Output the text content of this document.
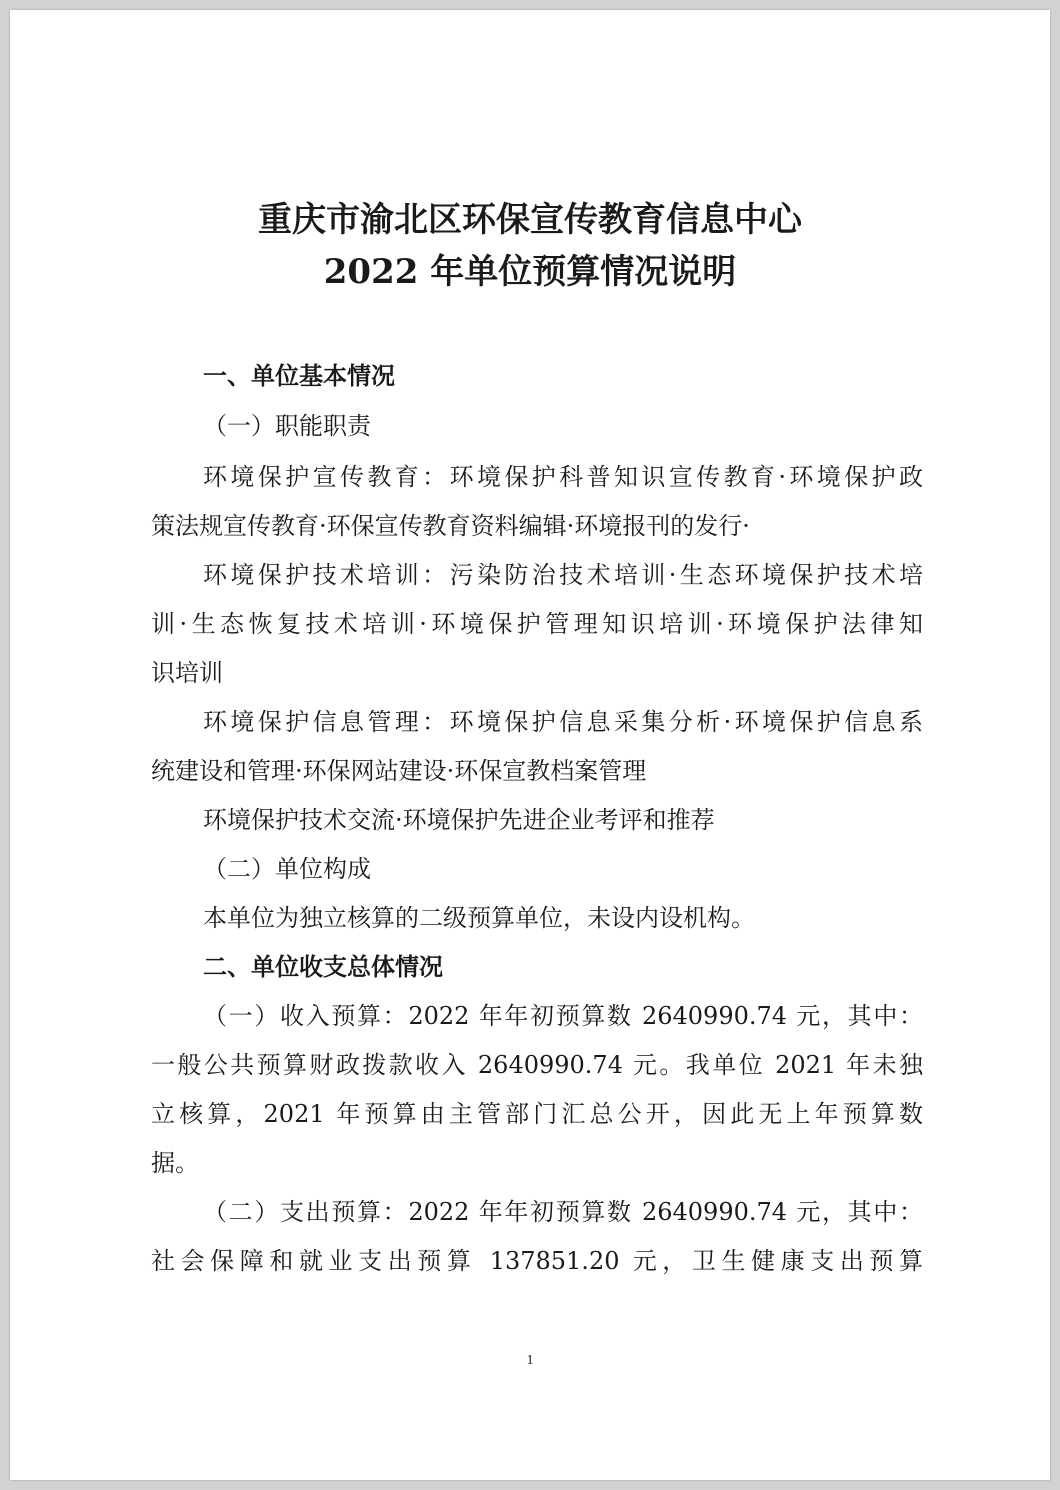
重庆市渝北区环保宣传教育信息中心
2022 年单位预算情况说明
一、单位基本情况
（一）职能职责
环境保护宣传教育：环境保护科普知识宣传教育·环境保护政
策法规宣传教育·环保宣传教育资料编辑·环境报刊的发行·
环境保护技术培训：污染防治技术培训·生态环境保护技术培
训·生态恢复技术培训·环境保护管理知识培训·环境保护法律知
识培训
环境保护信息管理：环境保护信息采集分析·环境保护信息系
统建设和管理·环保网站建设·环保宣教档案管理
环境保护技术交流·环境保护先进企业考评和推荐
（二）单位构成
本单位为独立核算的二级预算单位，未设内设机构。
二、单位收支总体情况
（一）收入预算：2022 年年初预算数 2640990.74 元，其中：
一般公共预算财政拨款收入 2640990.74 元。我单位 2021 年未独
立核算，2021 年预算由主管部门汇总公开，因此无上年预算数
据。
（二）支出预算：2022 年年初预算数 2640990.74 元，其中：
社会保障和就业支出预算 137851.20 元，卫生健康支出预算
1
